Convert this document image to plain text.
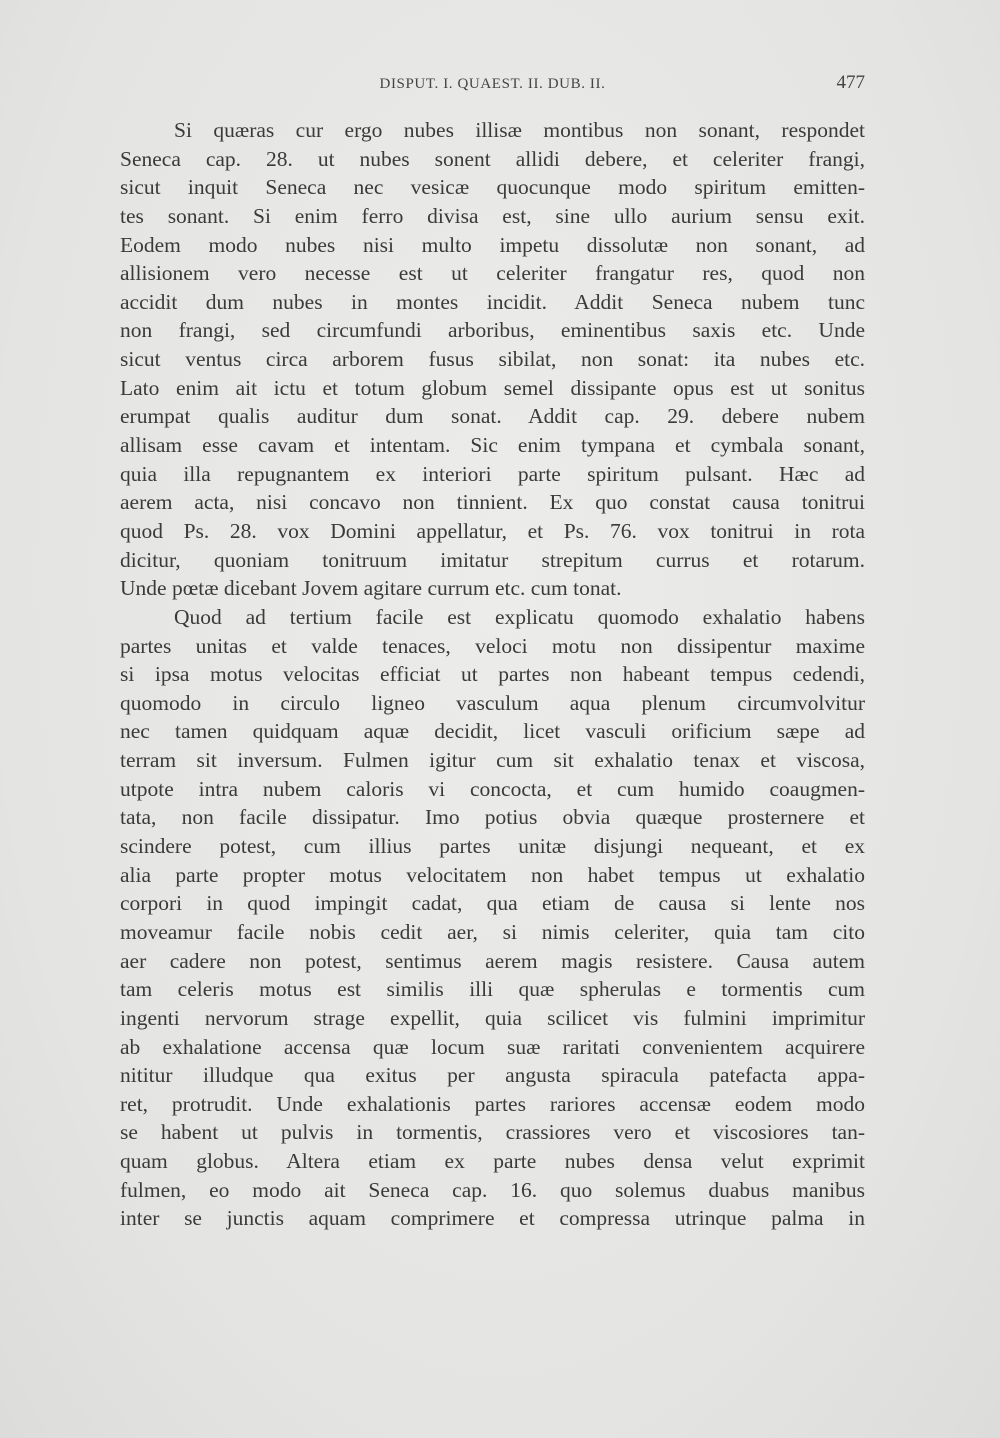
DISPUT. I. QUAEST. II. DUB. II.	477
Si quæras cur ergo nubes illisæ montibus non sonant, respondet
Seneca cap. 28. ut nubes sonent allidi debere, et celeriter frangi,
sicut inquit Seneca nec vesicæ quocunque modo spiritum emitten-
tes sonant. Si enim ferro divisa est, sine ullo aurium sensu exit.
Eodem modo nubes nisi multo impetu dissolutæ non sonant, ad
allisionem vero necesse est ut celeriter frangatur res, quod non
accidit dum nubes in montes incidit. Addit Seneca nubem tunc
non frangi, sed circumfundi arboribus, eminentibus saxis etc. Unde
sicut ventus circa arborem fusus sibilat, non sonat: ita nubes etc.
Lato enim ait ictu et totum globum semel dissipante opus est ut sonitus
erumpat qualis auditur dum sonat. Addit cap. 29. debere nubem
allisam esse cavam et intentam. Sic enim tympana et cymbala sonant,
quia illa repugnantem ex interiori parte spiritum pulsant. Hæc ad
aerem acta, nisi concavo non tinnient. Ex quo constat causa tonitrui
quod Ps. 28. vox Domini appellatur, et Ps. 76. vox tonitrui in rota
dicitur, quoniam tonitruum imitatur strepitum currus et rotarum.
Unde pœtæ dicebant Jovem agitare currum etc. cum tonat.
Quod ad tertium facile est explicatu quomodo exhalatio habens
partes unitas et valde tenaces, veloci motu non dissipentur maxime
si ipsa motus velocitas efficiat ut partes non habeant tempus cedendi,
quomodo in circulo ligneo vasculum aqua plenum circumvolvitur
nec tamen quidquam aquæ decidit, licet vasculi orificium sæpe ad
terram sit inversum. Fulmen igitur cum sit exhalatio tenax et viscosa,
utpote intra nubem caloris vi concocta, et cum humido coaugmen-
tata, non facile dissipatur. Imo potius obvia quæque prosternere et
scindere potest, cum illius partes unitæ disjungi nequeant, et ex
alia parte propter motus velocitatem non habet tempus ut exhalatio
corpori in quod impingit cadat, qua etiam de causa si lente nos
moveamur facile nobis cedit aer, si nimis celeriter, quia tam cito
aer cadere non potest, sentimus aerem magis resistere. Causa autem
tam celeris motus est similis illi quæ spherulas e tormentis cum
ingenti nervorum strage expellit, quia scilicet vis fulmini imprimitur
ab exhalatione accensa quæ locum suæ raritati convenientem acquirere
nititur illudque qua exitus per angusta spiracula patefacta appa-
ret, protrudit. Unde exhalationis partes rariores accensæ eodem modo
se habent ut pulvis in tormentis, crassiores vero et viscosiores tan-
quam globus. Altera etiam ex parte nubes densa velut exprimit
fulmen, eo modo ait Seneca cap. 16. quo solemus duabus manibus
inter se junctis aquam comprimere et compressa utrinque palma in
